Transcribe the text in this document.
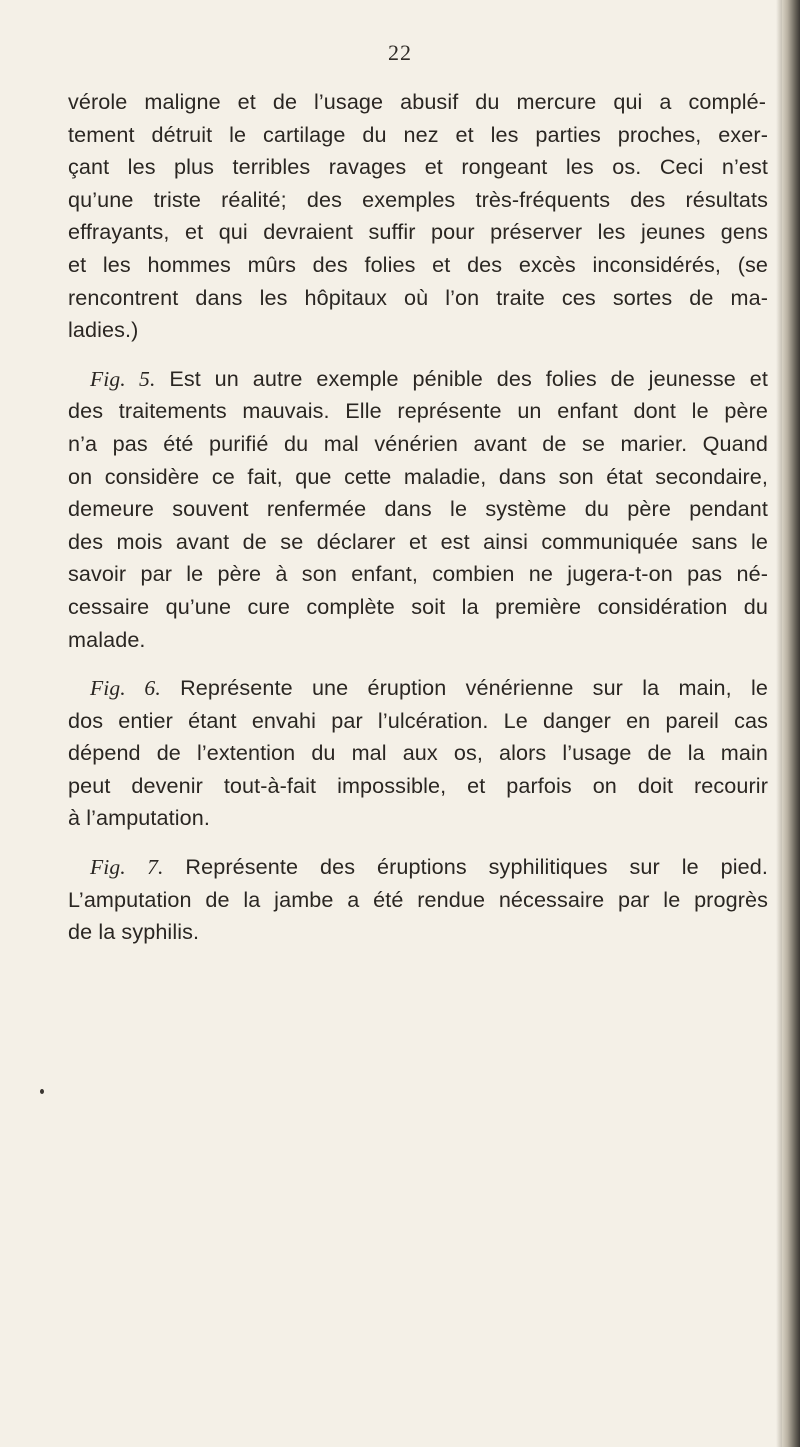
22
vérole maligne et de l’usage abusif du mercure qui a complé-
tement détruit le cartilage du nez et les parties proches, exer-
çant les plus terribles ravages et rongeant les os. Ceci n’est
qu’une triste réalité; des exemples très-fréquents des résultats
effrayants, et qui devraient suffir pour préserver les jeunes gens
et les hommes mûrs des folies et des excès inconsidérés, (se
rencontrent dans les hôpitaux où l’on traite ces sortes de ma-
ladies.)
Fig. 5. Est un autre exemple pénible des folies de jeunesse et
des traitements mauvais. Elle représente un enfant dont le père
n’a pas été purifié du mal vénérien avant de se marier. Quand
on considère ce fait, que cette maladie, dans son état secondaire,
demeure souvent renfermée dans le système du père pendant
des mois avant de se déclarer et est ainsi communiquée sans le
savoir par le père à son enfant, combien ne jugera-t-on pas né-
cessaire qu’une cure complète soit la première considération du
malade.
Fig. 6. Représente une éruption vénérienne sur la main, le
dos entier étant envahi par l’ulcération. Le danger en pareil cas
dépend de l’extention du mal aux os, alors l’usage de la main
peut devenir tout-à-fait impossible, et parfois on doit recourir
à l’amputation.
Fig. 7. Représente des éruptions syphilitiques sur le pied.
L’amputation de la jambe a été rendue nécessaire par le progrès
de la syphilis.
